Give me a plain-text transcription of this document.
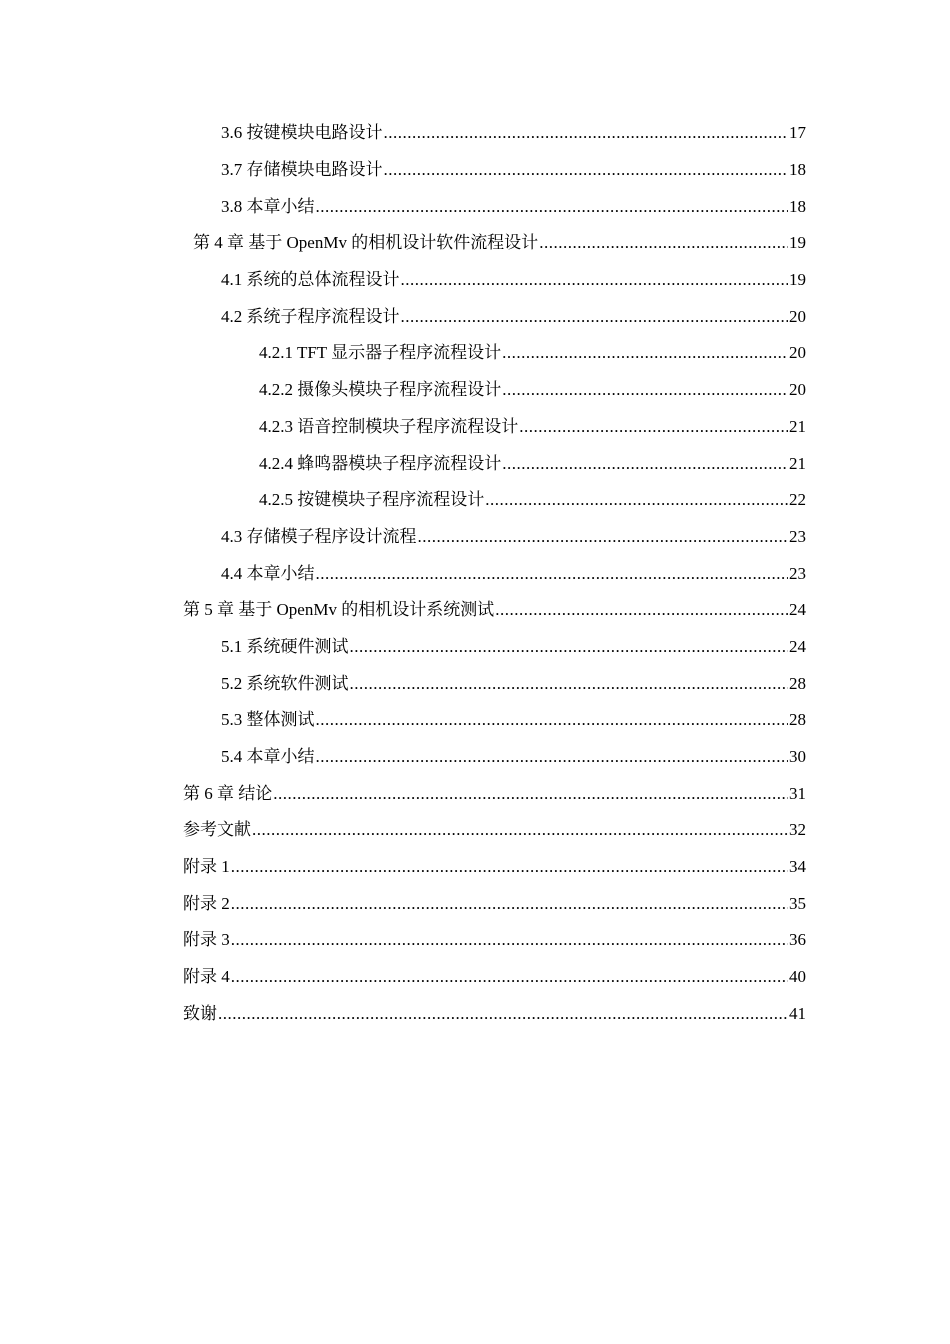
3.6 按键模块电路设计 .....	17
3.7 存储模块电路设计 .....	18
3.8 本章小结 .....	18
第 4 章 基于 OpenMv 的相机设计软件流程设计 .....	19
4.1 系统的总体流程设计 .....	19
4.2 系统子程序流程设计 .....	20
4.2.1 TFT 显示器子程序流程设计 .....	20
4.2.2 摄像头模块子程序流程设计 .....	20
4.2.3 语音控制模块子程序流程设计 .....	21
4.2.4 蜂鸣器模块子程序流程设计 .....	21
4.2.5 按键模块子程序流程设计 .....	22
4.3 存储模子程序设计流程 .....	23
4.4 本章小结 .....	23
第 5 章 基于 OpenMv 的相机设计系统测试 .....	24
5.1 系统硬件测试 .....	24
5.2 系统软件测试 .....	28
5.3 整体测试 .....	28
5.4 本章小结 .....	30
第 6 章 结论 .....	31
参考文献 .....	32
附录 1 .....	34
附录 2 .....	35
附录 3 .....	36
附录 4 .....	40
致谢 .....	41
